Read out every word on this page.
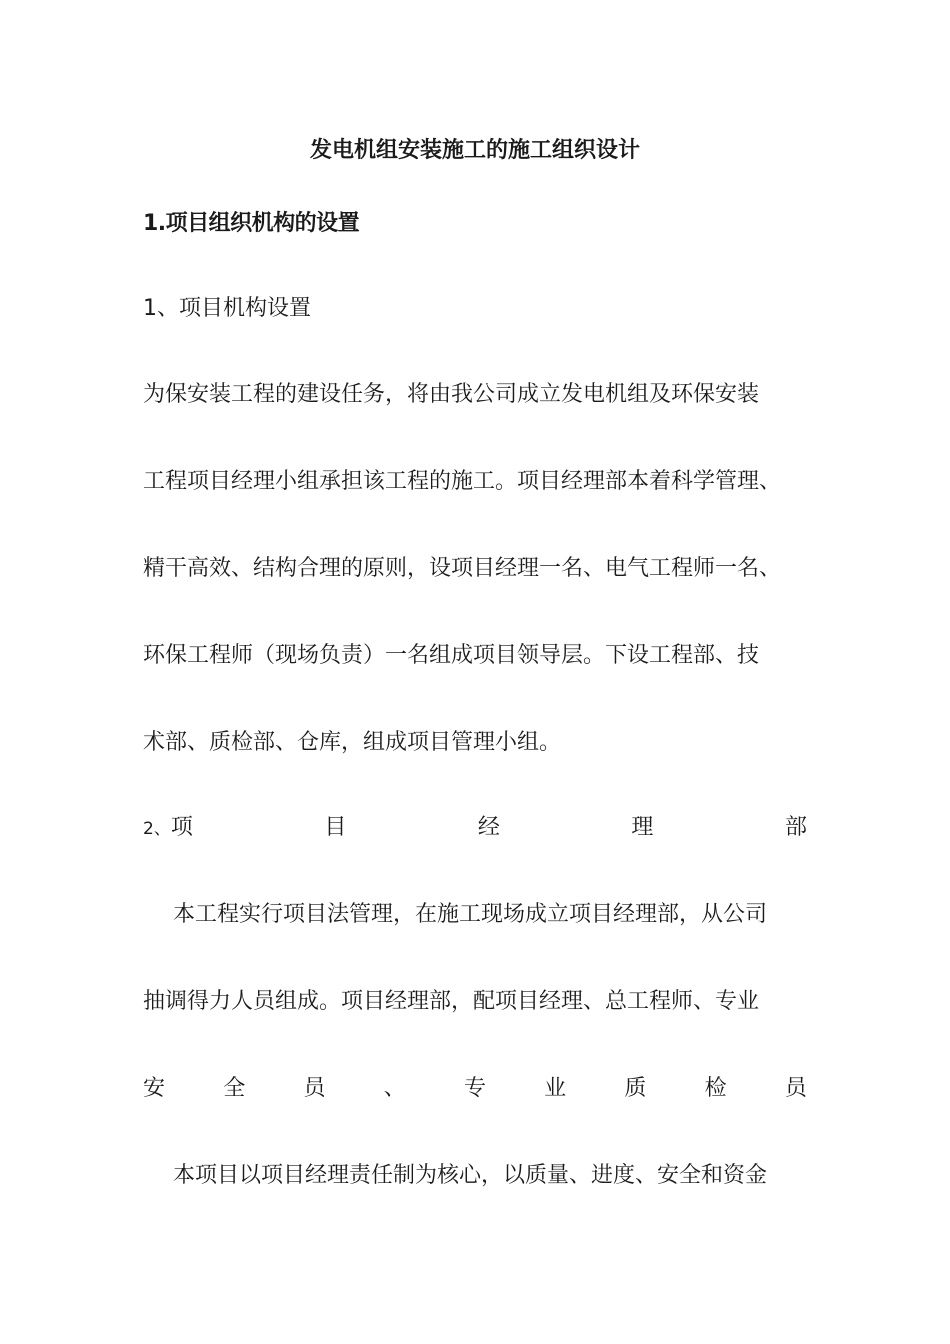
发电机组安装施工的施工组织设计
1.项目组织机构的设置
1、项目机构设置
为保安装工程的建设任务，将由我公司成立发电机组及环保安装
工程项目经理小组承担该工程的施工。项目经理部本着科学管理、
精干高效、结构合理的原则，设项目经理一名、电气工程师一名、
环保工程师（现场负责）一名组成项目领导层。下设工程部、技
术部、质检部、仓库，组成项目管理小组。
2、项	目	经	理	部
本工程实行项目法管理，在施工现场成立项目经理部，从公司
抽调得力人员组成。项目经理部，配项目经理、总工程师、专业
安	全	员	、	专	业	质	检	员
本项目以项目经理责任制为核心，以质量、进度、安全和资金
